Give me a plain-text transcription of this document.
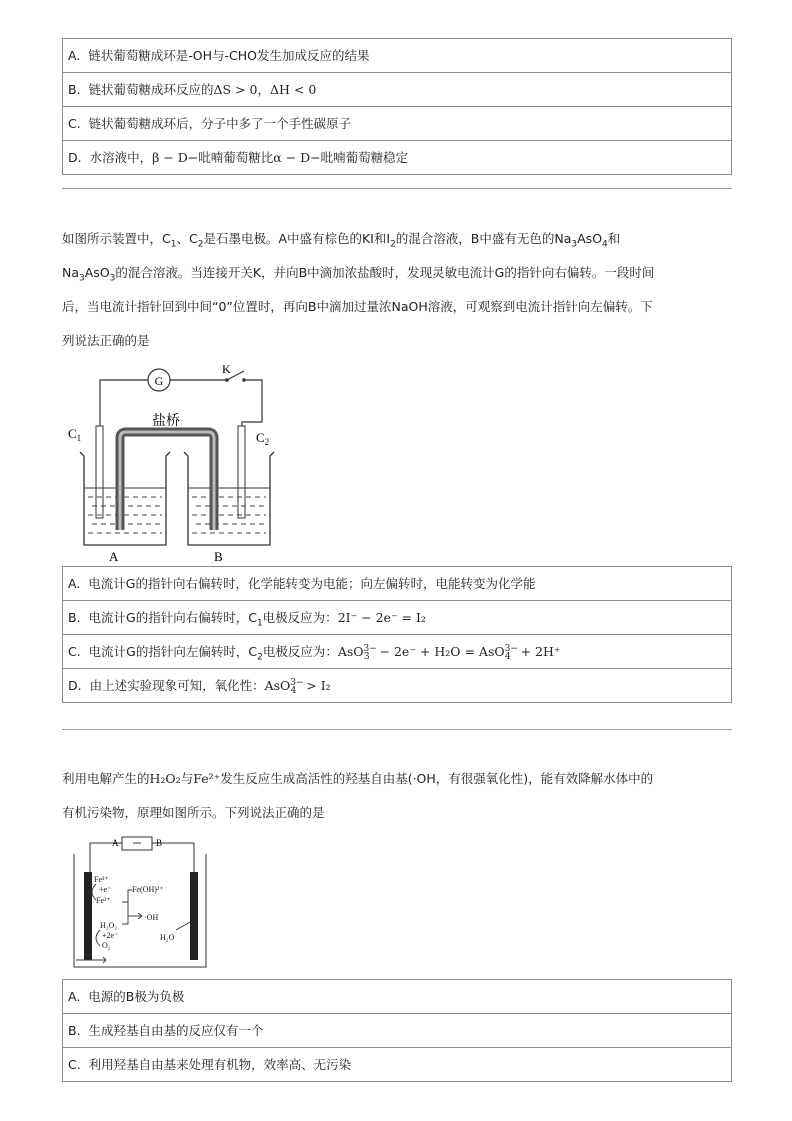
A. 链状葡萄糖成环是-OH与-CHO发生加成反应的结果
B. 链状葡萄糖成环反应的ΔS > 0，ΔH < 0
C. 链状葡萄糖成环后，分子中多了一个手性碳原子
D. 水溶液中，β − D−吡喃葡萄糖比α − D−吡喃葡萄糖稳定

如图所示装置中，$C_1$、$C_2$是石墨电极。A中盛有棕色的KI和$I_2$的混合溶液，B中盛有无色的$Na_3AsO_4$和

$Na_3AsO_3$的混合溶液。当连接开关K，并向B中滴加浓盐酸时，发现灵敏电流计G的指针向右偏转。一段时间

后，当电流计指针回到中间“0”位置时，再向B中滴加过量浓NaOH溶液，可观察到电流计指针向左偏转。下

列说法正确的是

G
K
盐桥
$C_1$	$C_2$
A	B
A. 电流计G的指针向右偏转时，化学能转变为电能；向左偏转时，电能转变为化学能
B. 电流计G的指针向右偏转时，$C_1$电极反应为：2I⁻ − 2e⁻ = I₂
C. 电流计G的指针向左偏转时，$C_2$电极反应为：AsO$^{3-}_3$ − 2e⁻ + H₂O = AsO$^{3-}_4$ + 2H⁺
D. 由上述实验现象可知，氧化性：AsO$^{3-}_4$ > I₂

利用电解产生的H₂O₂与Fe²⁺发生反应生成高活性的羟基自由基(·OH，有很强氧化性)，能有效降解水体中的

有机污染物，原理如图所示。下列说法正确的是

A	B
Fe³⁺
+e⁻
Fe²⁺
Fe(OH)²⁺
·OH
H₂O₂
+2e⁻
O₂
H₂O
A. 电源的B极为负极
B. 生成羟基自由基的反应仅有一个
C. 利用羟基自由基来处理有机物，效率高、无污染
